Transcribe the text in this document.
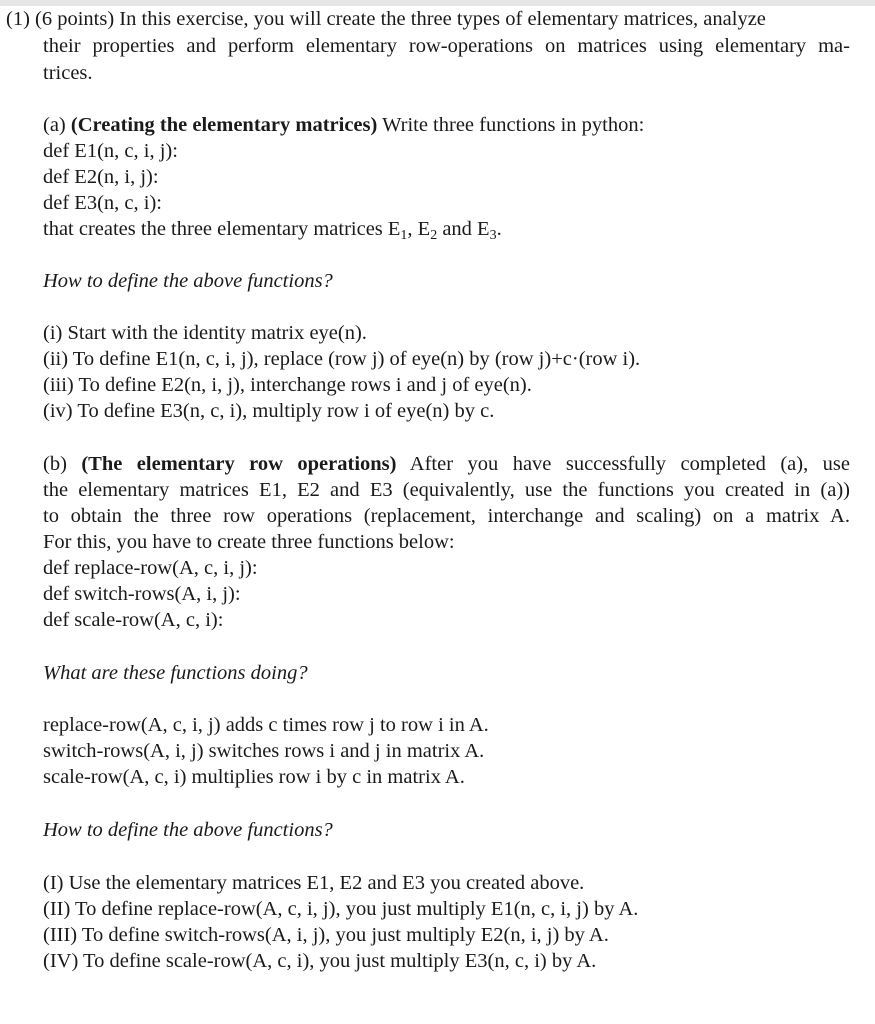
(1) (6 points) In this exercise, you will create the three types of elementary matrices, analyze
their properties and perform elementary row-operations on matrices using elementary ma-
trices.
(a) (Creating the elementary matrices) Write three functions in python:
def E1(n, c, i, j):
def E2(n, i, j):
def E3(n, c, i):
that creates the three elementary matrices $E_1$, $E_2$ and $E_3$.
How to define the above functions?
(i) Start with the identity matrix eye(n).
(ii) To define E1(n, c, i, j), replace (row j) of eye(n) by (row j)+c·(row i).
(iii) To define E2(n, i, j), interchange rows i and j of eye(n).
(iv) To define E3(n, c, i), multiply row i of eye(n) by c.
(b) (The elementary row operations) After you have successfully completed (a), use
the elementary matrices E1, E2 and E3 (equivalently, use the functions you created in (a))
to obtain the three row operations (replacement, interchange and scaling) on a matrix A.
For this, you have to create three functions below:
def replace-row(A, c, i, j):
def switch-rows(A, i, j):
def scale-row(A, c, i):
What are these functions doing?
replace-row(A, c, i, j) adds c times row j to row i in A.
switch-rows(A, i, j) switches rows i and j in matrix A.
scale-row(A, c, i) multiplies row i by c in matrix A.
How to define the above functions?
(I) Use the elementary matrices E1, E2 and E3 you created above.
(II) To define replace-row(A, c, i, j), you just multiply E1(n, c, i, j) by A.
(III) To define switch-rows(A, i, j), you just multiply E2(n, i, j) by A.
(IV) To define scale-row(A, c, i), you just multiply E3(n, c, i) by A.
